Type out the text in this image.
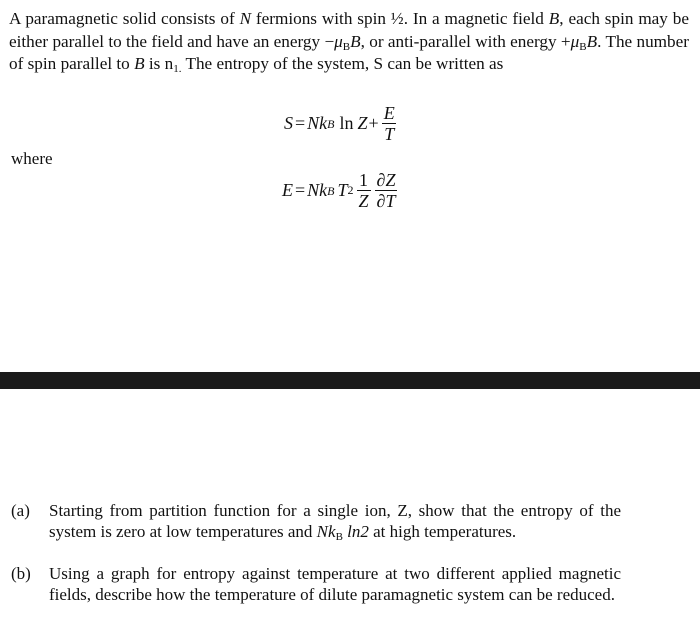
A paramagnetic solid consists of N fermions with spin ½. In a magnetic field B, each spin may be either parallel to the field and have an energy $-\mu_BB$, or anti-parallel with energy $+\mu_BB$. The number of spin parallel to B is $n_{1.}$ The entropy of the system, S can be written as
S = N k B $\ln Z + \frac{E}{T}$
where
E = N k B T $2 \frac{1}{Z} \frac{\partial Z}{\partial T}$
(a) Starting from partition function for a single ion, Z, show that the entropy of the system is zero at low temperatures and $Nk_B$ ln2 at high temperatures.
(b) Using a graph for entropy against temperature at two different applied magnetic fields, describe how the temperature of dilute paramagnetic system can be reduced.
